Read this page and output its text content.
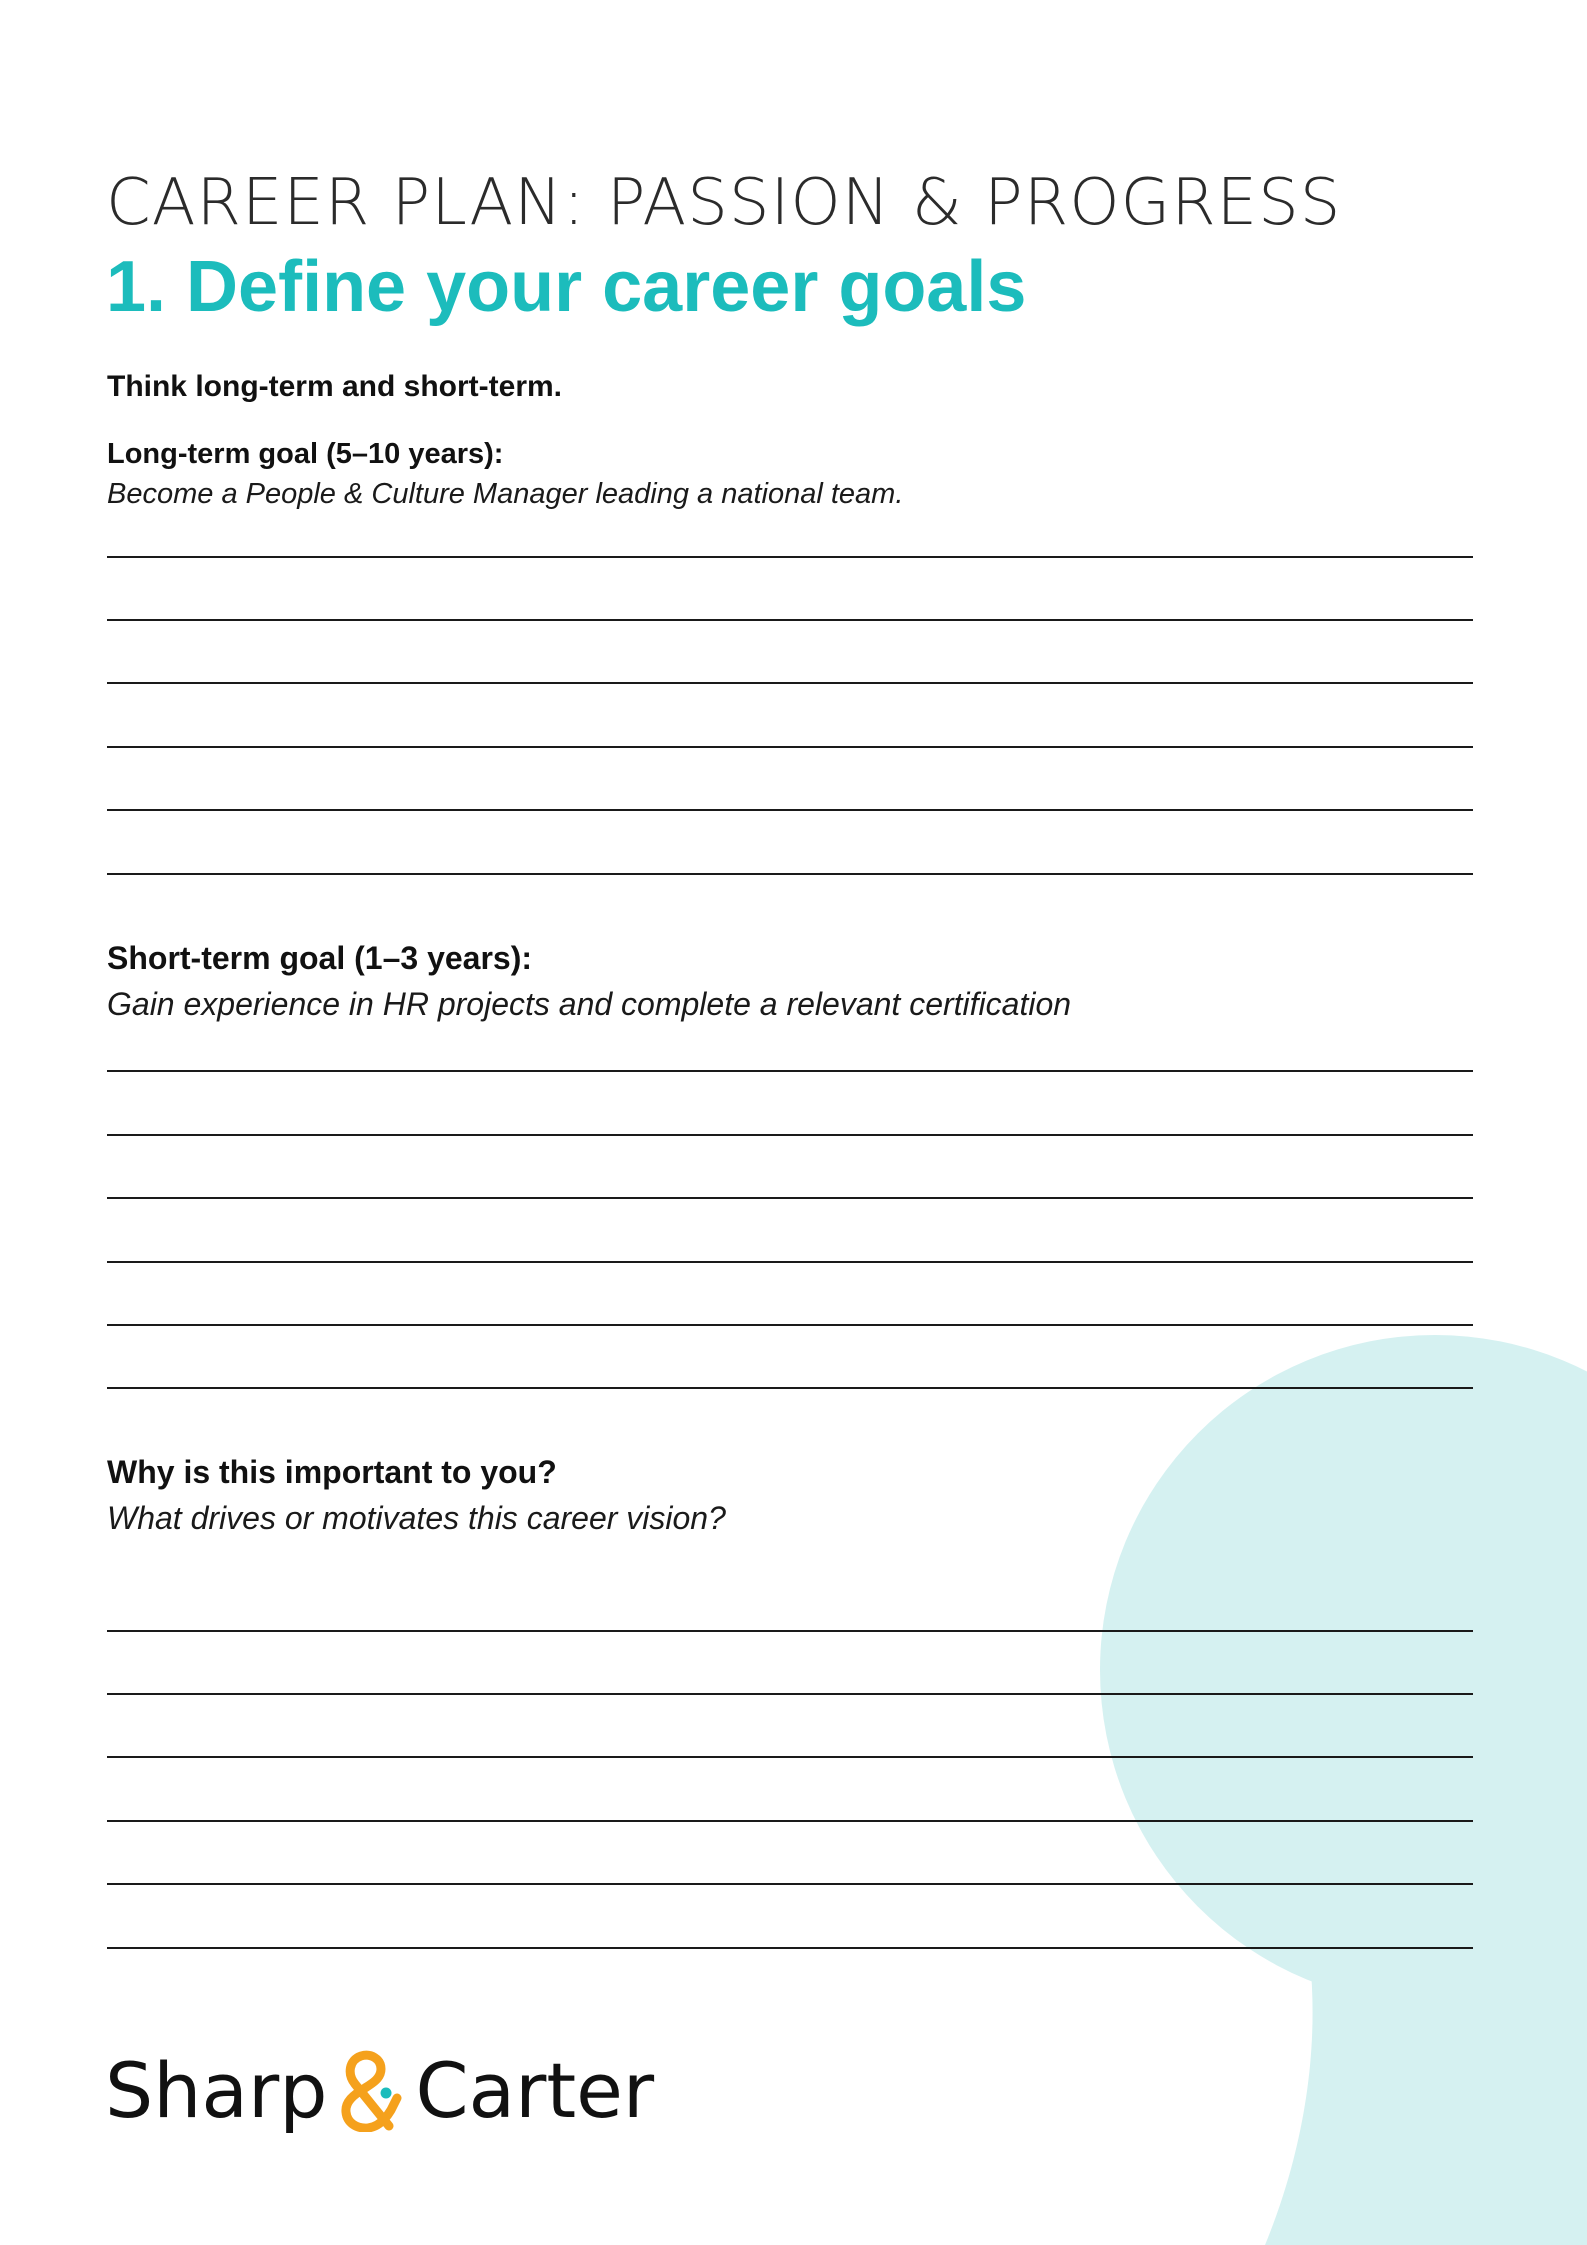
CAREER PLAN: PASSION & PROGRESS
1. Define your career goals
Think long-term and short-term.
Long-term goal (5–10 years):
Become a People & Culture Manager leading a national team.
Short-term goal (1–3 years):
Gain experience in HR projects and complete a relevant certification
Why is this important to you?
What drives or motivates this career vision?
Sharp Carter
